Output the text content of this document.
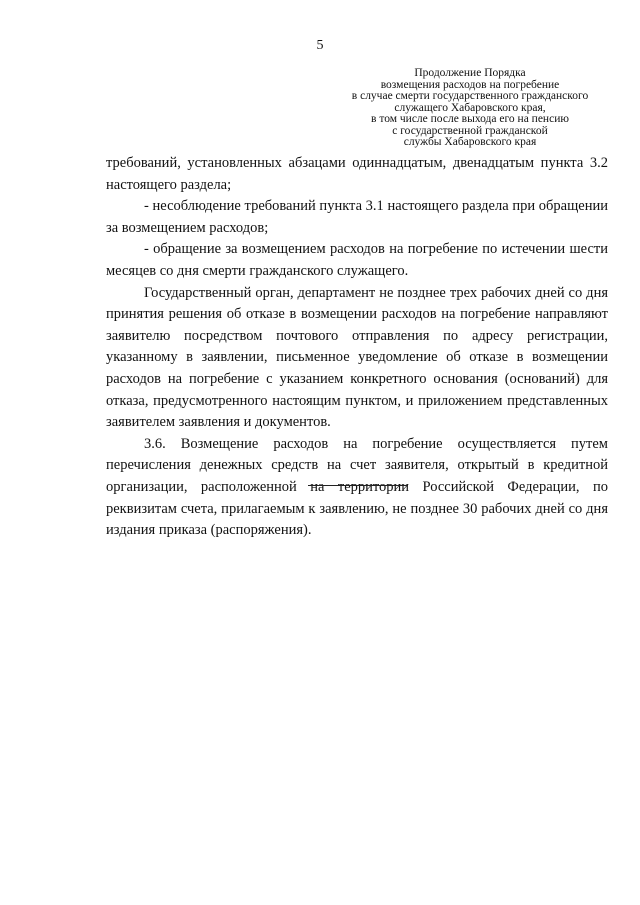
5
Продолжение Порядка
возмещения расходов на погребение
в случае смерти государственного гражданского
служащего Хабаровского края,
в том числе после выхода его на пенсию
с государственной гражданской
службы Хабаровского края

требований, установленных абзацами одиннадцатым, двенадцатым пункта 3.2 настоящего раздела;

- несоблюдение требований пункта 3.1 настоящего раздела при обращении за возмещением расходов;

- обращение за возмещением расходов на погребение по истечении шести месяцев со дня смерти гражданского служащего.

Государственный орган, департамент не позднее трех рабочих дней со дня принятия решения об отказе в возмещении расходов на погребение направляют заявителю посредством почтового отправления по адресу регистрации, указанному в заявлении, письменное уведомление об отказе в возмещении расходов на погребение с указанием конкретного основания (оснований) для отказа, предусмотренного настоящим пунктом, и приложением представленных заявителем заявления и документов.

3.6. Возмещение расходов на погребение осуществляется путем перечисления денежных средств на счет заявителя, открытый в кредитной организации, расположенной на территории Российской Федерации, по реквизитам счета, прилагаемым к заявлению, не позднее 30 рабочих дней со дня издания приказа (распоряжения).
